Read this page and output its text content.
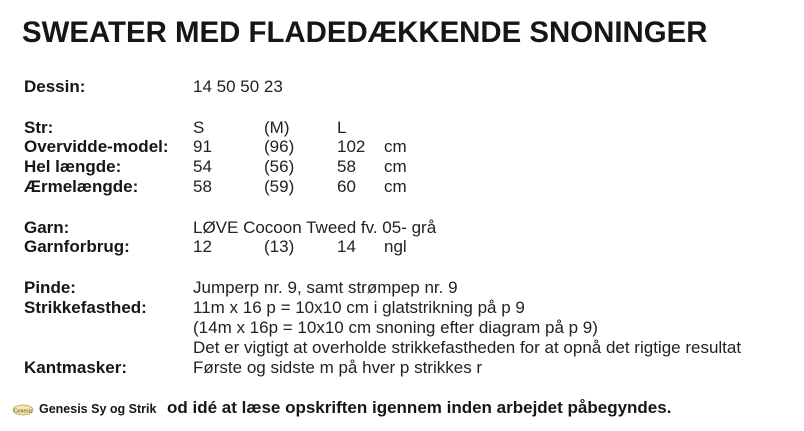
SWEATER MED FLADEDÆKKENDE SNONINGER
Dessin:	14 50 50 23
Str:	S	(M)	L
Overvidde-model: 91	(96)	102 cm
Hel længde:	54	(56)	58 cm
Ærmelængde:	58	(59)	60 cm
Garn:	LØVE Cocoon Tweed fv. 05- grå
Garnforbrug:	12	(13)	14 ngl
Pinde:	Jumperp nr. 9, samt strømpep nr. 9
Strikkefasthed:	11m x 16 p = 10x10 cm i glatstrikning på p 9
(14m x 16p = 10x10 cm snoning efter diagram på p 9)
Det er vigtigt at overholde strikkefastheden for at opnå det rigtige resultat
Kantmasker:	Første og sidste m på hver p strikkes r
Genesis Genesis Sy og Strik od idé at læse opskriften igennem inden arbejdet påbegyndes.
